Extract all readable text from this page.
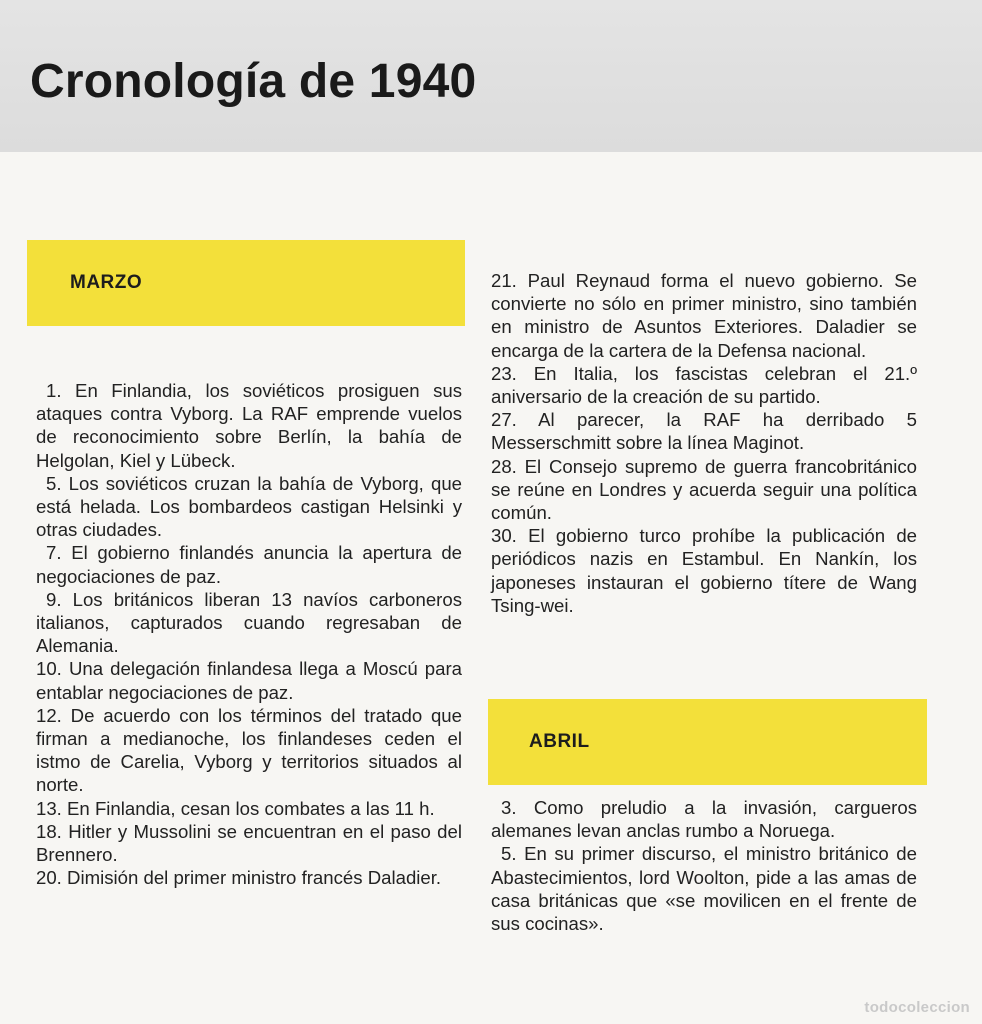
Cronología de 1940
MARZO

1. En Finlandia, los soviéticos prosiguen sus ataques contra Vyborg. La RAF emprende vuelos de reconocimiento sobre Berlín, la bahía de Helgolan, Kiel y Lübeck.

5. Los soviéticos cruzan la bahía de Vyborg, que está helada. Los bombardeos castigan Helsinki y otras ciudades.

7. El gobierno finlandés anuncia la apertura de negociaciones de paz.

9. Los británicos liberan 13 navíos carboneros italianos, capturados cuando regresaban de Alemania.

10. Una delegación finlandesa llega a Moscú para entablar negociaciones de paz.

12. De acuerdo con los términos del tratado que firman a medianoche, los finlandeses ceden el istmo de Carelia, Vyborg y territorios situados al norte.

13. En Finlandia, cesan los combates a las 11 h.

18. Hitler y Mussolini se encuentran en el paso del Brennero.

20. Dimisión del primer ministro francés Daladier.

21. Paul Reynaud forma el nuevo gobierno. Se convierte no sólo en primer ministro, sino también en ministro de Asuntos Exteriores. Daladier se encarga de la cartera de la Defensa nacional.

23. En Italia, los fascistas celebran el 21.º aniversario de la creación de su partido.

27. Al parecer, la RAF ha derribado 5 Messerschmitt sobre la línea Maginot.

28. El Consejo supremo de guerra francobritánico se reúne en Londres y acuerda seguir una política común.

30. El gobierno turco prohíbe la publicación de periódicos nazis en Estambul. En Nankín, los japoneses instauran el gobierno títere de Wang Tsing-wei.

ABRIL

3. Como preludio a la invasión, cargueros alemanes levan anclas rumbo a Noruega.

5. En su primer discurso, el ministro británico de Abastecimientos, lord Woolton, pide a las amas de casa británicas que «se movilicen en el frente de sus cocinas».

todocoleccion
